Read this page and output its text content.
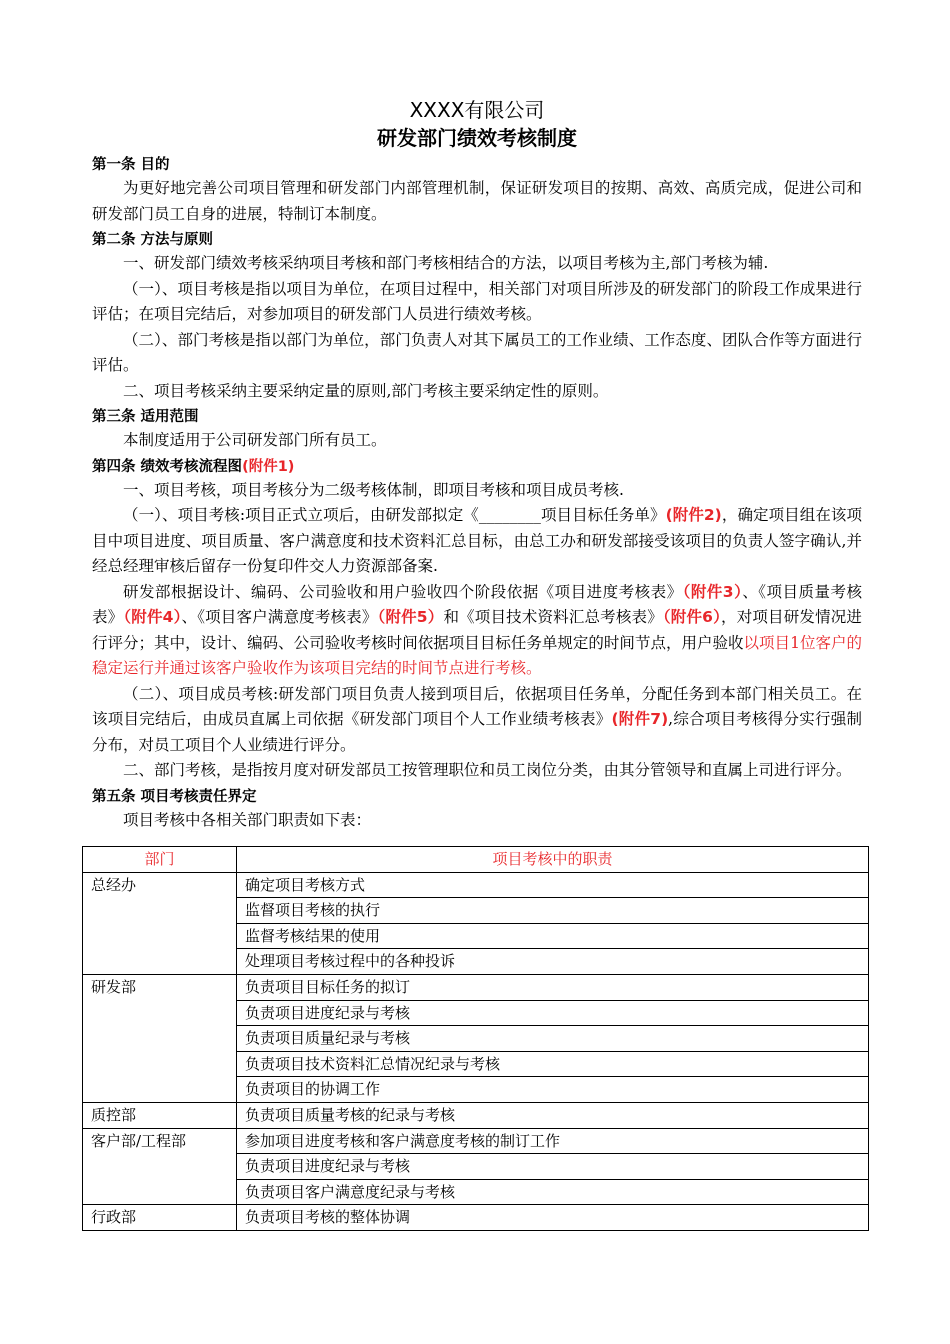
XXXX有限公司
研发部门绩效考核制度
第一条 目的

为更好地完善公司项目管理和研发部门内部管理机制，保证研发项目的按期、高效、高质完成，促进公司和研发部门员工自身的进展，特制订本制度。

第二条 方法与原则

一、研发部门绩效考核采纳项目考核和部门考核相结合的方法，以项目考核为主,部门考核为辅.

（一）、项目考核是指以项目为单位，在项目过程中，相关部门对项目所涉及的研发部门的阶段工作成果进行评估；在项目完结后，对参加项目的研发部门人员进行绩效考核。

（二）、部门考核是指以部门为单位，部门负责人对其下属员工的工作业绩、工作态度、团队合作等方面进行评估。

二、项目考核采纳主要采纳定量的原则,部门考核主要采纳定性的原则。

第三条 适用范围

本制度适用于公司研发部门所有员工。

第四条 绩效考核流程图(附件1)

一、项目考核，项目考核分为二级考核体制，即项目考核和项目成员考核.

（一）、项目考核:项目正式立项后，由研发部拟定《________项目目标任务单》(附件2)，确定项目组在该项目中项目进度、项目质量、客户满意度和技术资料汇总目标，由总工办和研发部接受该项目的负责人签字确认,并经总经理审核后留存一份复印件交人力资源部备案.

研发部根据设计、编码、公司验收和用户验收四个阶段依据《项目进度考核表》（附件3）、《项目质量考核表》（附件4）、《项目客户满意度考核表》（附件5）和《项目技术资料汇总考核表》（附件6），对项目研发情况进行评分；其中，设计、编码、公司验收考核时间依据项目目标任务单规定的时间节点，用户验收以项目1位客户的稳定运行并通过该客户验收作为该项目完结的时间节点进行考核。

（二）、项目成员考核:研发部门项目负责人接到项目后，依据项目任务单，分配任务到本部门相关员工。在该项目完结后，由成员直属上司依据《研发部门项目个人工作业绩考核表》(附件7),综合项目考核得分实行强制分布，对员工项目个人业绩进行评分。

二、部门考核，是指按月度对研发部员工按管理职位和员工岗位分类，由其分管领导和直属上司进行评分。

第五条 项目考核责任界定

项目考核中各相关部门职责如下表：

部门	项目考核中的职责
总经办	确定项目考核方式
	监督项目考核的执行
	监督考核结果的使用
	处理项目考核过程中的各种投诉
研发部	负责项目目标任务的拟订
	负责项目进度纪录与考核
	负责项目质量纪录与考核
	负责项目技术资料汇总情况纪录与考核
	负责项目的协调工作
质控部	负责项目质量考核的纪录与考核
客户部/工程部	参加项目进度考核和客户满意度考核的制订工作
	负责项目进度纪录与考核
	负责项目客户满意度纪录与考核
行政部	负责项目考核的整体协调
